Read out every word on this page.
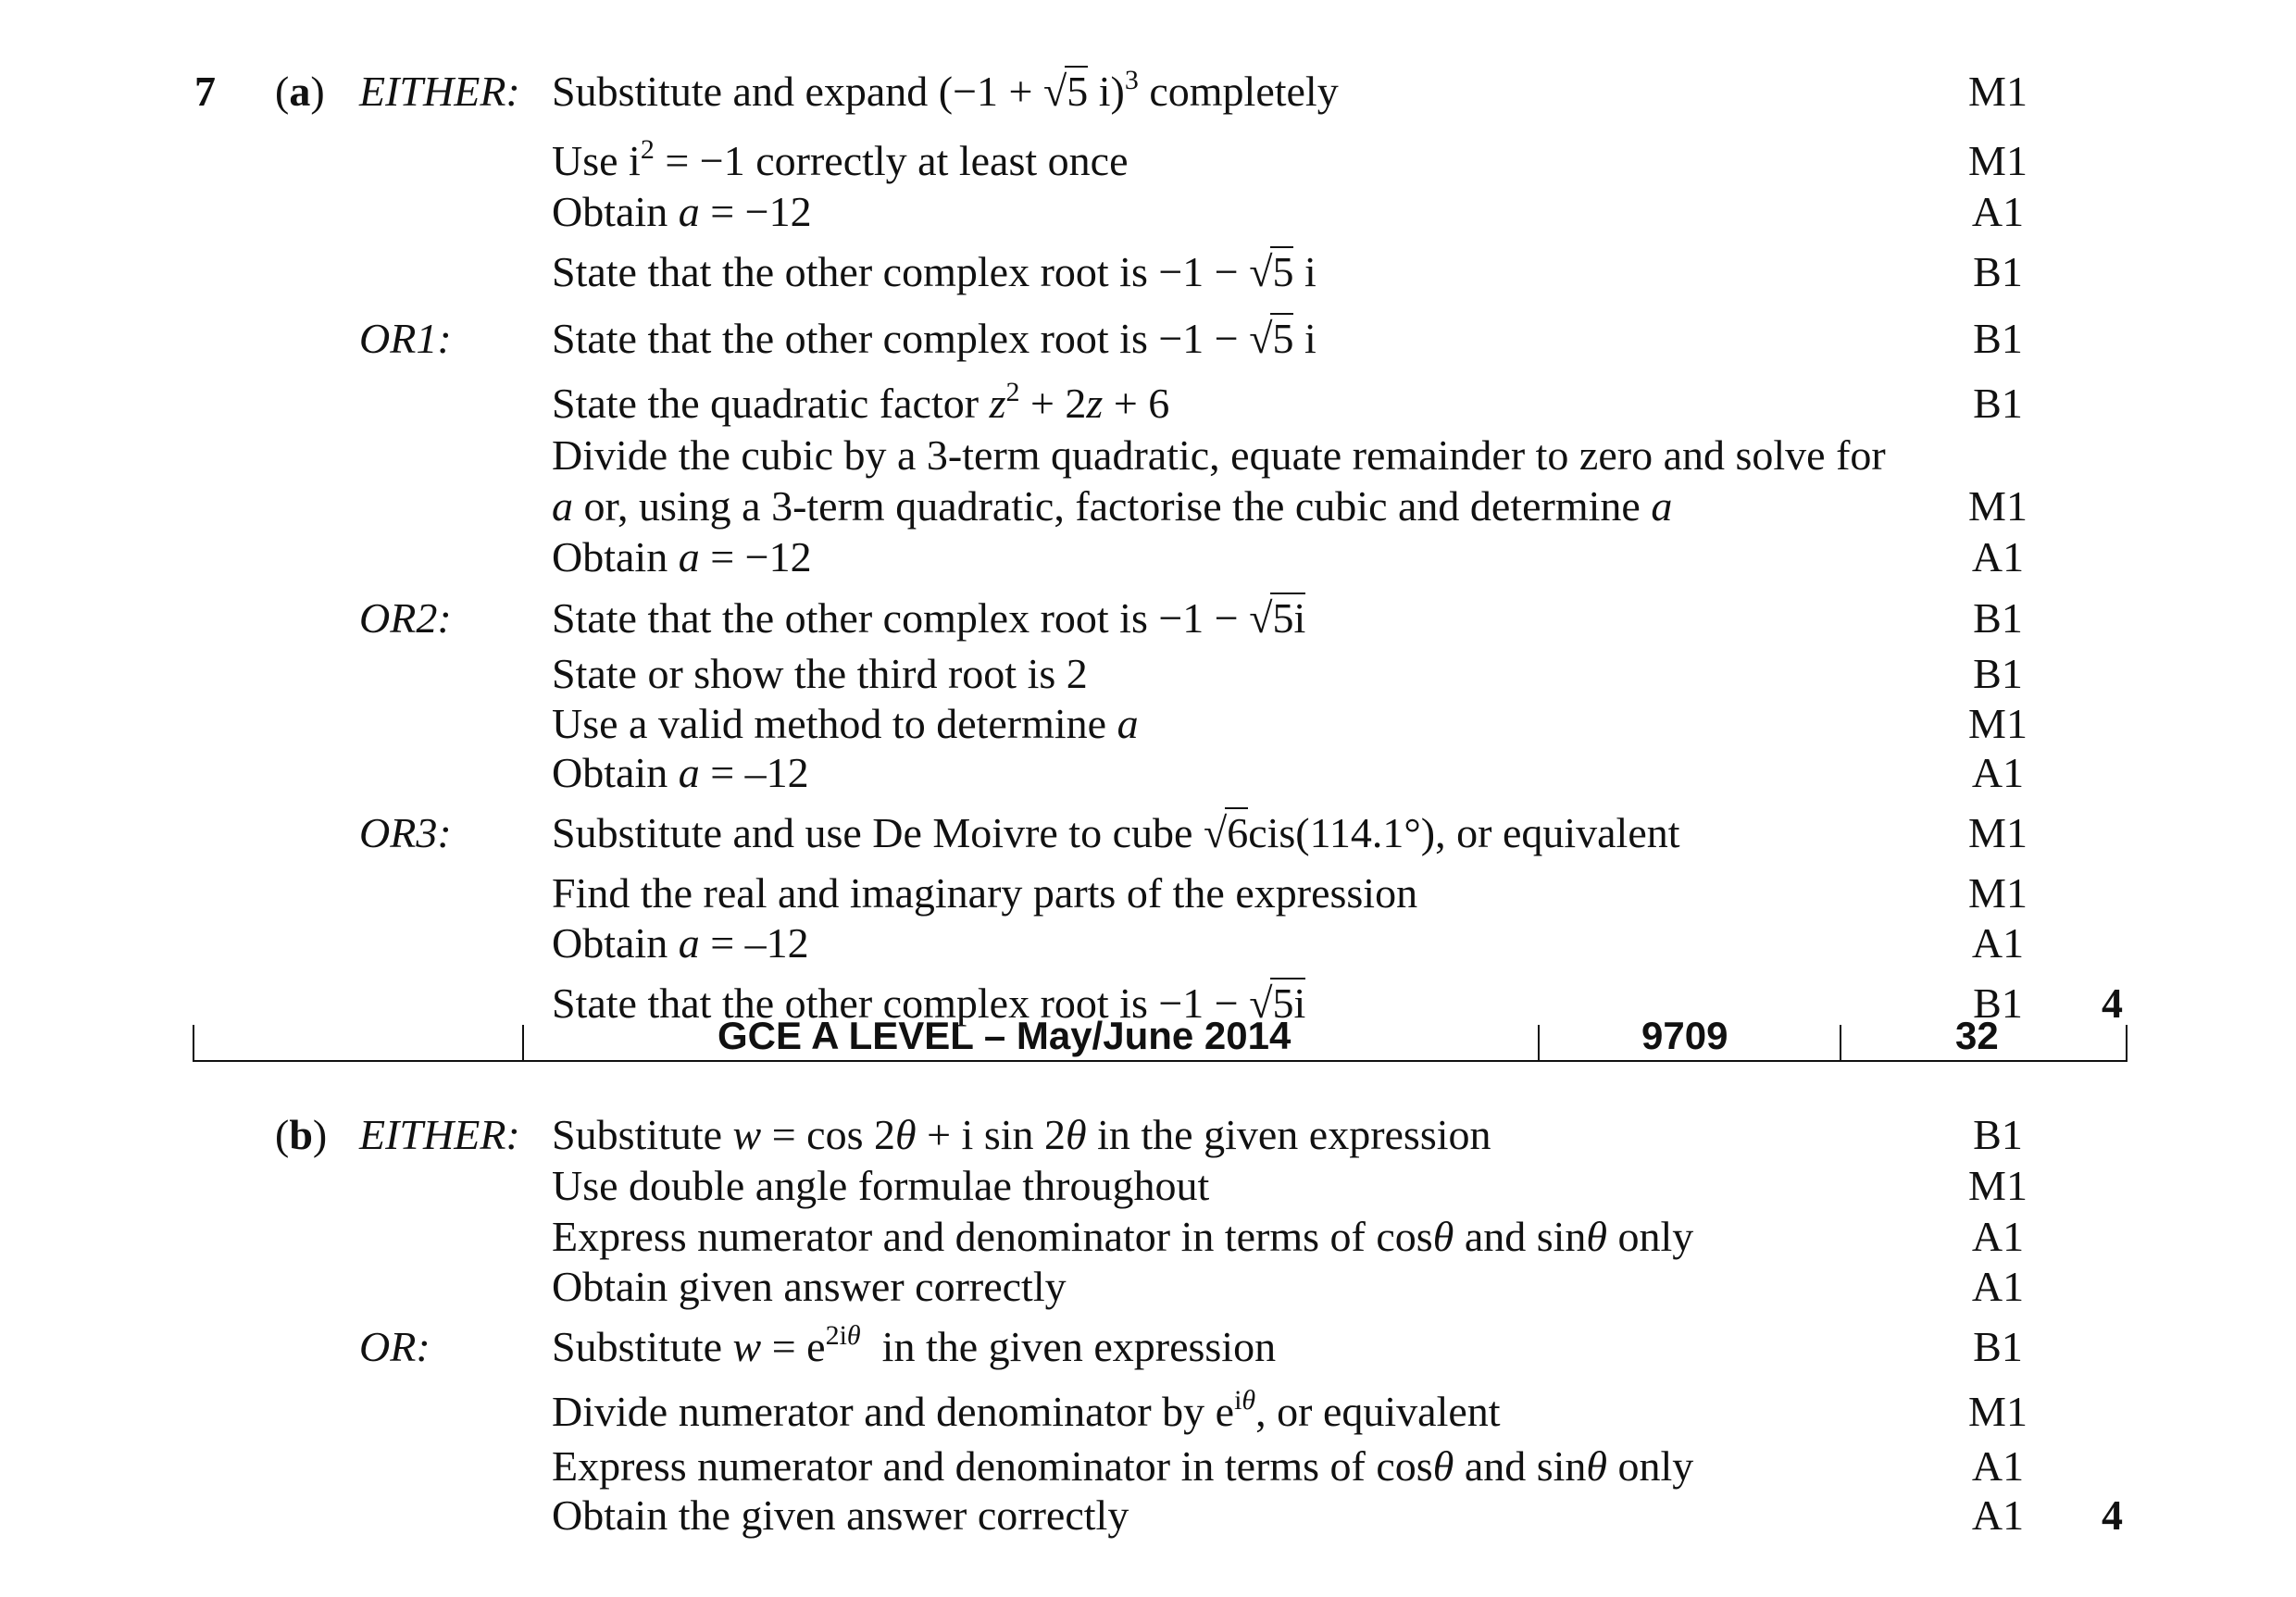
7 (a) EITHER: Substitute and expand (−1 + √5 i)$^3$ completely	M1
Use $i^2 = -1$ correctly at least once	M1
Obtain a = −12	A1
State that the other complex root is −1 − √5 i	B1
OR1: State that the other complex root is −1 − √5 i	B1
State the quadratic factor $z^2 + 2z + 6$	B1
Divide the cubic by a 3-term quadratic, equate remainder to zero and solve for
a or, using a 3-term quadratic, factorise the cubic and determine a	M1
Obtain a = −12	A1
OR2: State that the other complex root is −1 − √5i	B1
State or show the third root is 2	B1
Use a valid method to determine a	M1
Obtain a = –12	A1
OR3: Substitute and use De Moivre to cube √6cis(114.1°), or equivalent	M1
Find the real and imaginary parts of the expression	M1
Obtain a = –12	A1
State that the other complex root is −1 − √5i	B1	4
GCE A LEVEL – May/June 2014	9709	32
(b) EITHER: Substitute w = cos 2θ + i sin 2θ in the given expression	B1
Use double angle formulae throughout	M1
Express numerator and denominator in terms of cosθ and sinθ only	A1
Obtain given answer correctly	A1
OR:	Substitute $w = e^{2i\theta}$ in the given expression	B1
Divide numerator and denominator by $e^{i\theta}$, or equivalent	M1
Express numerator and denominator in terms of cosθ and sinθ only	A1
Obtain the given answer correctly	A1	4
